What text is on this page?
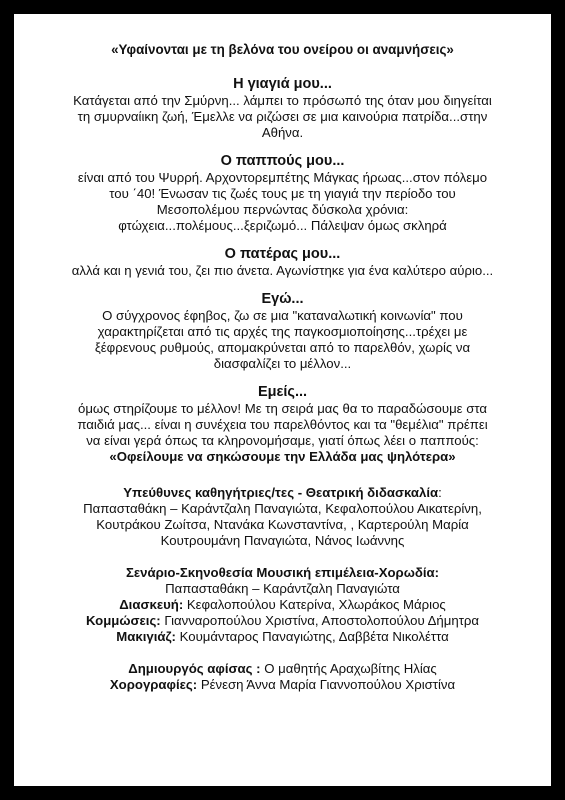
«Υφαίνονται με τη βελόνα του ονείρου οι αναμνήσεις»
Η γιαγιά μου...
Κατάγεται από την Σμύρνη... λάμπει το πρόσωπό της όταν μου διηγείται
τη σμυρναίικη ζωή, Έμελλε να ριζώσει σε μια καινούρια πατρίδα...στην
Αθήνα.
Ο παππούς μου...
είναι από του Ψυρρή. Αρχοντορεμπέτης Μάγκας ήρωας...στον πόλεμο
του ΄40! Ένωσαν τις ζωές τους με τη γιαγιά την περίοδο του
Μεσοπολέμου περνώντας δύσκολα χρόνια:
φτώχεια...πολέμους...ξεριζωμό... Πάλεψαν όμως σκληρά
Ο πατέρας μου...
αλλά και η γενιά του, ζει πιο άνετα. Αγωνίστηκε για ένα καλύτερο αύριο...
Εγώ...
Ο σύγχρονος έφηβος, ζω σε μια "καταναλωτική κοινωνία" που
χαρακτηρίζεται από τις αρχές της παγκοσμιοποίησης...τρέχει με
ξέφρενους ρυθμούς, απομακρύνεται από το παρελθόν, χωρίς να
διασφαλίζει το μέλλον...
Εμείς...
όμως στηρίζουμε το μέλλον! Με τη σειρά μας θα το παραδώσουμε στα
παιδιά μας... είναι η συνέχεια του παρελθόντος και τα "θεμέλια" πρέπει
να είναι γερά όπως τα κληρονομήσαμε, γιατί όπως λέει ο παππούς:
«Οφείλουμε να σηκώσουμε την Ελλάδα μας ψηλότερα»
Υπεύθυνες καθηγήτριες/τες - Θεατρική διδασκαλία:
Παπασταθάκη – Καράντζαλη Παναγιώτα, Κεφαλοπούλου Αικατερίνη,
Κουτράκου Ζωίτσα, Ντανάκα Κωνσταντίνα, , Καρτερούλη Μαρία
Κουτρουμάνη Παναγιώτα, Νάνος Ιωάννης
Σενάριο-Σκηνοθεσία Μουσική επιμέλεια-Χορωδία:
Παπασταθάκη – Καράντζαλη Παναγιώτα
Διασκευή: Κεφαλοπούλου Κατερίνα, Χλωράκος Μάριος
Κομμώσεις: Γιανναροπούλου Χριστίνα, Αποστολοπούλου Δήμητρα
Μακιγιάζ: Κουμάνταρος Παναγιώτης, Δαββέτα Νικολέττα
Δημιουργός αφίσας : Ο μαθητής Αραχωβίτης Ηλίας
Χορογραφίες: Ρένεση Άννα Μαρία Γιαννοπούλου Χριστίνα
